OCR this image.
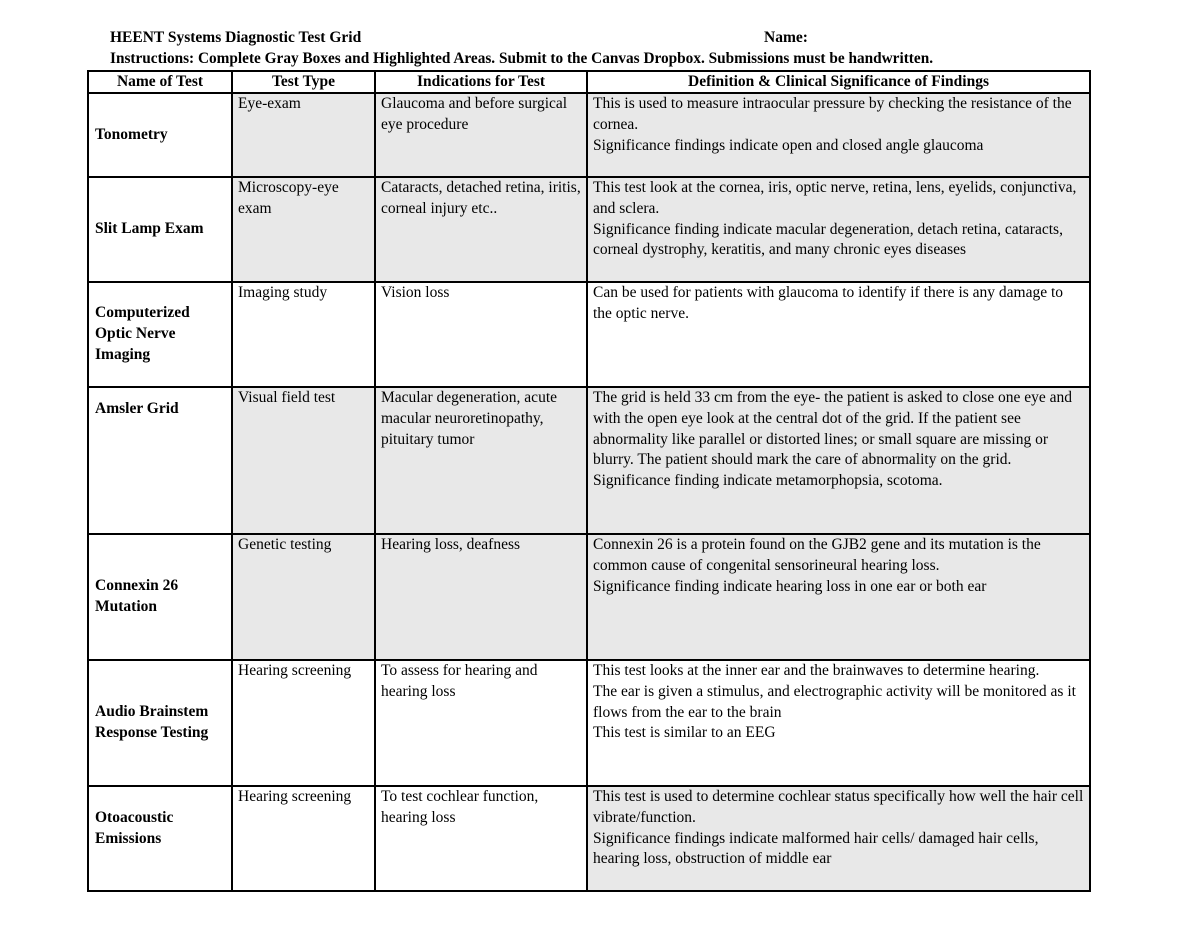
HEENT Systems Diagnostic Test Grid	Name:
Instructions: Complete Gray Boxes and Highlighted Areas. Submit to the Canvas Dropbox. Submissions must be handwritten.
Name of Test	Test Type	Indications for Test	Definition & Clinical Significance of Findings
Tonometry	Eye-exam	Glaucoma and before surgical eye procedure	This is used to measure intraocular pressure by checking the resistance of the cornea.
Significance findings indicate open and closed angle glaucoma
Slit Lamp Exam	Microscopy-eye exam	Cataracts, detached retina, iritis, corneal injury etc..	This test look at the cornea, iris, optic nerve, retina, lens, eyelids, conjunctiva, and sclera.
Significance finding indicate macular degeneration, detach retina, cataracts, corneal dystrophy, keratitis, and many chronic eyes diseases
Computerized Optic Nerve Imaging	Imaging study	Vision loss	Can be used for patients with glaucoma to identify if there is any damage to the optic nerve.
Amsler Grid	Visual field test	Macular degeneration, acute macular neuroretinopathy, pituitary tumor	The grid is held 33 cm from the eye- the patient is asked to close one eye and with the open eye look at the central dot of the grid. If the patient see abnormality like parallel or distorted lines; or small square are missing or blurry. The patient should mark the care of abnormality on the grid.
Significance finding indicate metamorphopsia, scotoma.
Connexin 26 Mutation	Genetic testing	Hearing loss, deafness	Connexin 26 is a protein found on the GJB2 gene and its mutation is the common cause of congenital sensorineural hearing loss.
Significance finding indicate hearing loss in one ear or both ear
Audio Brainstem Response Testing	Hearing screening	To assess for hearing and hearing loss	This test looks at the inner ear and the brainwaves to determine hearing.
The ear is given a stimulus, and electrographic activity will be monitored as it flows from the ear to the brain
This test is similar to an EEG
Otoacoustic Emissions	Hearing screening	To test cochlear function, hearing loss	This test is used to determine cochlear status specifically how well the hair cell vibrate/function.
Significance findings indicate malformed hair cells/ damaged hair cells, hearing loss, obstruction of middle ear
